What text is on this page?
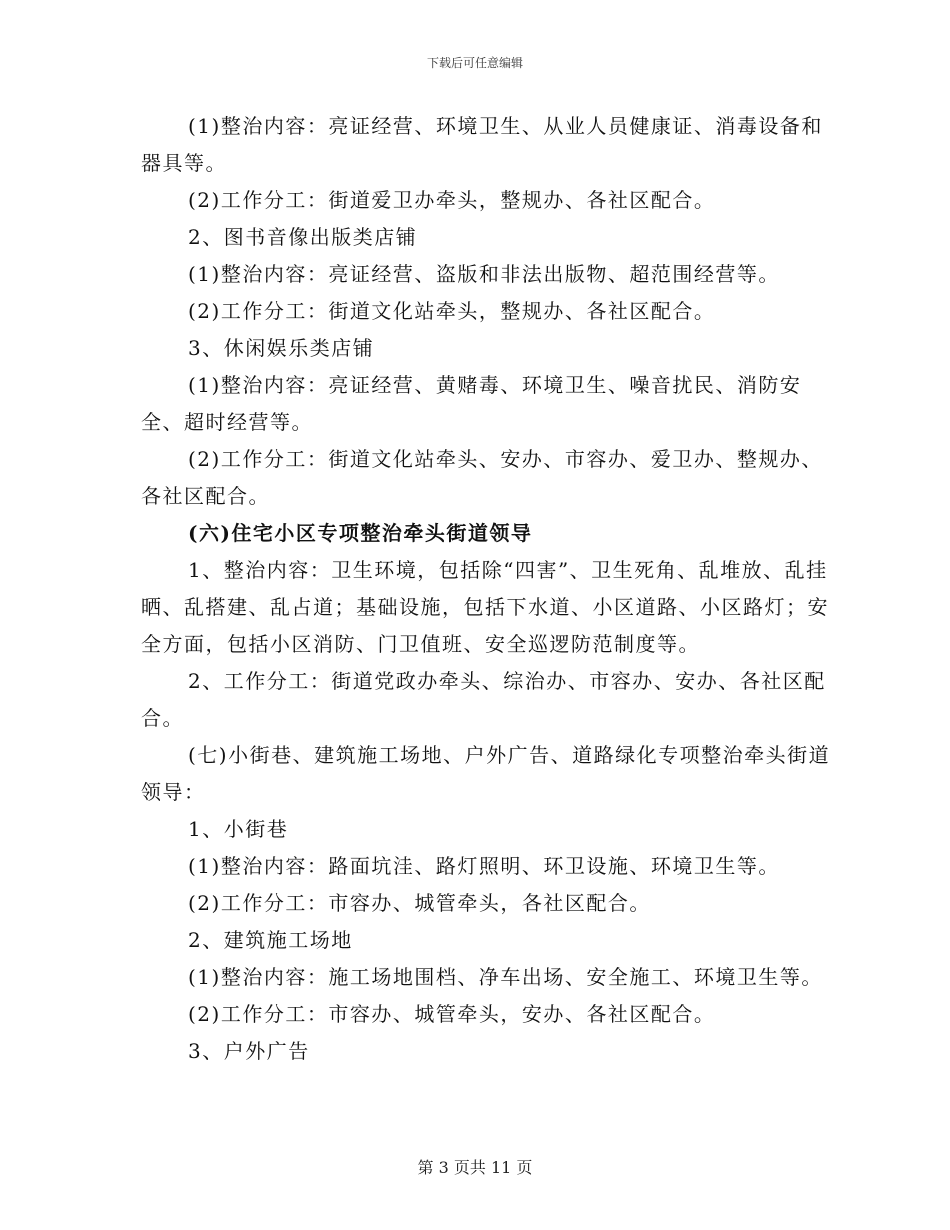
下载后可任意编辑

(1)整治内容：亮证经营、环境卫生、从业人员健康证、消毒设备和器具等。

(2)工作分工：街道爱卫办牵头，整规办、各社区配合。

2、图书音像出版类店铺

(1)整治内容：亮证经营、盗版和非法出版物、超范围经营等。

(2)工作分工：街道文化站牵头，整规办、各社区配合。

3、休闲娱乐类店铺

(1)整治内容：亮证经营、黄赌毒、环境卫生、噪音扰民、消防安全、超时经营等。

(2)工作分工：街道文化站牵头、安办、市容办、爱卫办、整规办、各社区配合。

(六)住宅小区专项整治牵头街道领导

1、整治内容：卫生环境，包括除“四害”、卫生死角、乱堆放、乱挂晒、乱搭建、乱占道；基础设施，包括下水道、小区道路、小区路灯；安全方面，包括小区消防、门卫值班、安全巡逻防范制度等。

2、工作分工：街道党政办牵头、综治办、市容办、安办、各社区配合。

(七)小街巷、建筑施工场地、户外广告、道路绿化专项整治牵头街道领导：

1、小街巷

(1)整治内容：路面坑洼、路灯照明、环卫设施、环境卫生等。

(2)工作分工：市容办、城管牵头，各社区配合。

2、建筑施工场地

(1)整治内容：施工场地围档、净车出场、安全施工、环境卫生等。

(2)工作分工：市容办、城管牵头，安办、各社区配合。

3、户外广告

第 3 页共 11 页
